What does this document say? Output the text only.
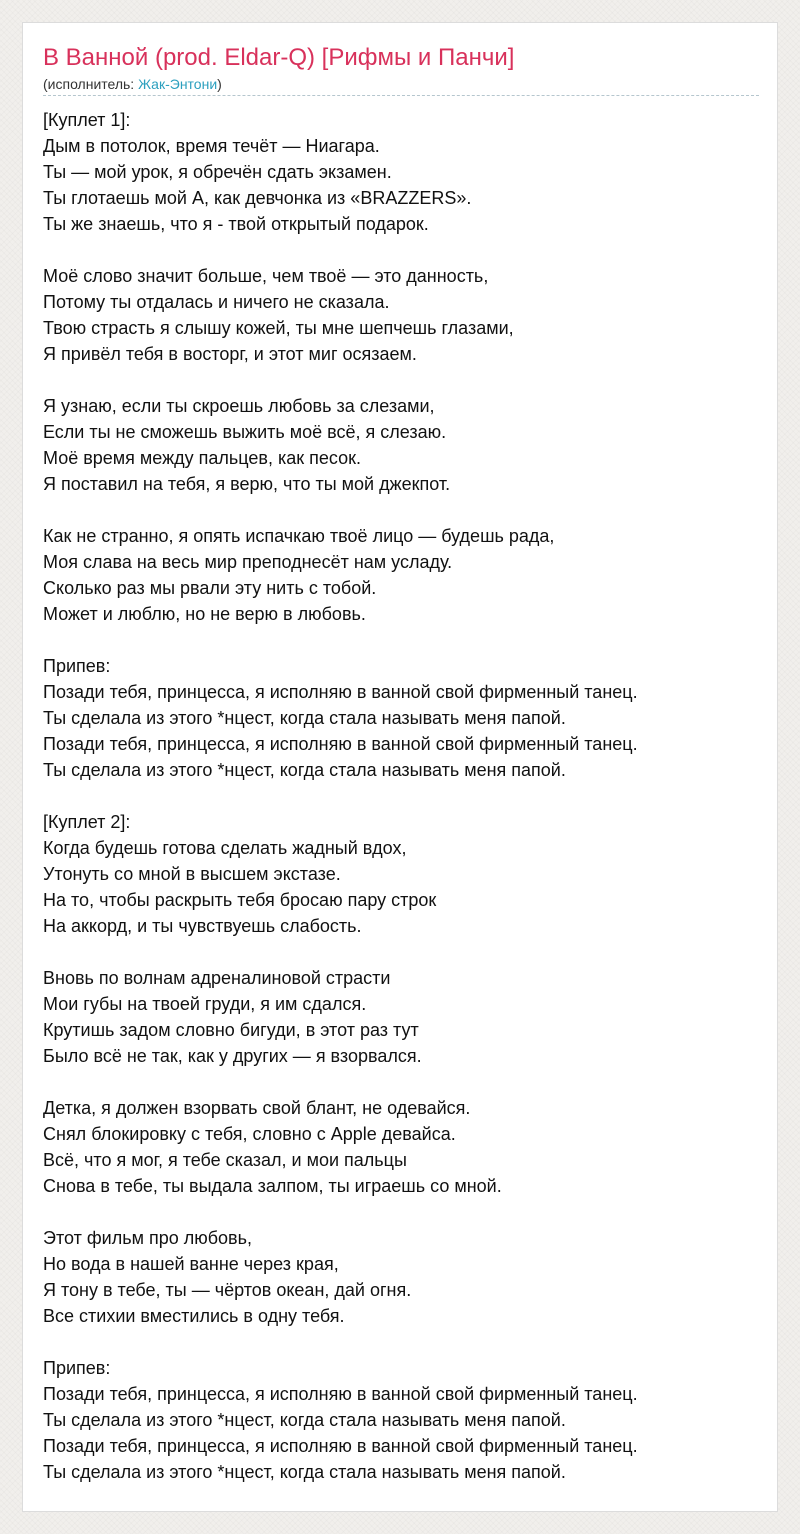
В Ванной (prod. Eldar-Q) [Рифмы и Панчи]
(исполнитель: Жак-Энтони)
[Куплет 1]:
Дым в потолок, время течёт — Ниагара.
Ты — мой урок, я обречён сдать экзамен.
Ты глотаешь мой А, как девчонка из «BRAZZERS».
Ты же знаешь, что я - твой открытый подарок.
Моё слово значит больше, чем твоё — это данность,
Потому ты отдалась и ничего не сказала.
Твою страсть я слышу кожей, ты мне шепчешь глазами,
Я привёл тебя в восторг, и этот миг осязаем.
Я узнаю, если ты скроешь любовь за слезами,
Если ты не сможешь выжить моё всё, я слезаю.
Моё время между пальцев, как песок.
Я поставил на тебя, я верю, что ты мой джекпот.
Как не странно, я опять испачкаю твоё лицо — будешь рада,
Моя слава на весь мир преподнесёт нам усладу.
Сколько раз мы рвали эту нить с тобой.
Может и люблю, но не верю в любовь.
Припев:
Позади тебя, принцесса, я исполняю в ванной свой фирменный танец.
Ты сделала из этого *нцест, когда стала называть меня папой.
Позади тебя, принцесса, я исполняю в ванной свой фирменный танец.
Ты сделала из этого *нцест, когда стала называть меня папой.
[Куплет 2]:
Когда будешь готова сделать жадный вдох,
Утонуть со мной в высшем экстазе.
На то, чтобы раскрыть тебя бросаю пару строк
На аккорд, и ты чувствуешь слабость.
Вновь по волнам адреналиновой страсти
Мои губы на твоей груди, я им сдался.
Крутишь задом словно бигуди, в этот раз тут
Было всё не так, как у других — я взорвался.
Детка, я должен взорвать свой блант, не одевайся.
Снял блокировку с тебя, словно с Apple девайса.
Всё, что я мог, я тебе сказал, и мои пальцы
Снова в тебе, ты выдала залпом, ты играешь со мной.
Этот фильм про любовь,
Но вода в нашей ванне через края,
Я тону в тебе, ты — чёртов океан, дай огня.
Все стихии вместились в одну тебя.
Припев:
Позади тебя, принцесса, я исполняю в ванной свой фирменный танец.
Ты сделала из этого *нцест, когда стала называть меня папой.
Позади тебя, принцесса, я исполняю в ванной свой фирменный танец.
Ты сделала из этого *нцест, когда стала называть меня папой.
